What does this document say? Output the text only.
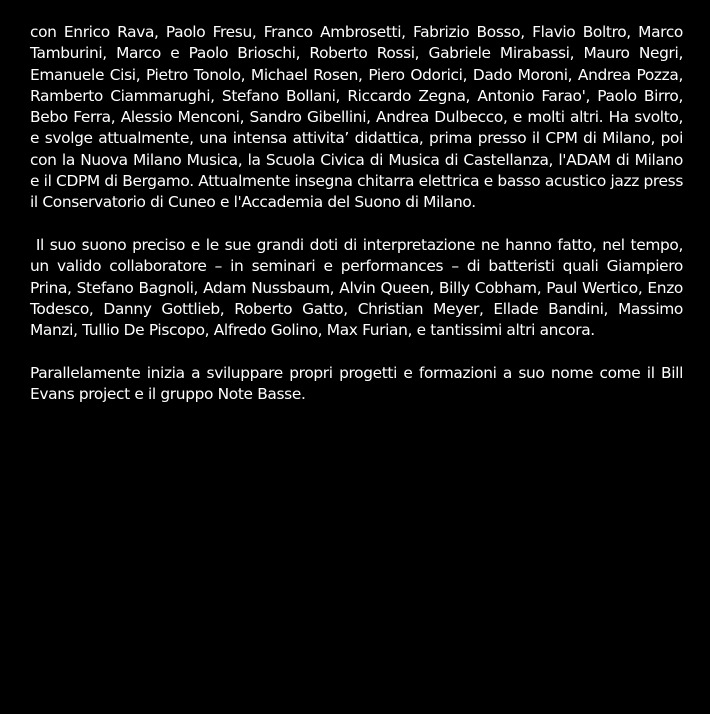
con Enrico Rava, Paolo Fresu, Franco Ambrosetti, Fabrizio Bosso, Flavio Boltro, Marco Tamburini, Marco e Paolo Brioschi, Roberto Rossi, Gabriele Mirabassi, Mauro Negri, Emanuele Cisi, Pietro Tonolo, Michael Rosen, Piero Odorici, Dado Moroni, Andrea Pozza, Ramberto Ciammarughi, Stefano Bollani, Riccardo Zegna, Antonio Farao', Paolo Birro, Bebo Ferra, Alessio Menconi, Sandro Gibellini, Andrea Dulbecco, e molti altri. Ha svolto, e svolge attualmente, una intensa attivita’ didattica, prima presso il CPM di Milano, poi con la Nuova Milano Musica, la Scuola Civica di Musica di Castellanza, l'ADAM di Milano e il CDPM di Bergamo. Attualmente insegna chitarra elettrica e basso acustico jazz press il Conservatorio di Cuneo e l'Accademia del Suono di Milano.

Il suo suono preciso e le sue grandi doti di interpretazione ne hanno fatto, nel tempo, un valido collaboratore – in seminari e performances – di batteristi quali Giampiero Prina, Stefano Bagnoli, Adam Nussbaum, Alvin Queen, Billy Cobham, Paul Wertico, Enzo Todesco, Danny Gottlieb, Roberto Gatto, Christian Meyer, Ellade Bandini, Massimo Manzi, Tullio De Piscopo, Alfredo Golino, Max Furian, e tantissimi altri ancora.

Parallelamente inizia a sviluppare propri progetti e formazioni a suo nome come il Bill Evans project e il gruppo Note Basse.
